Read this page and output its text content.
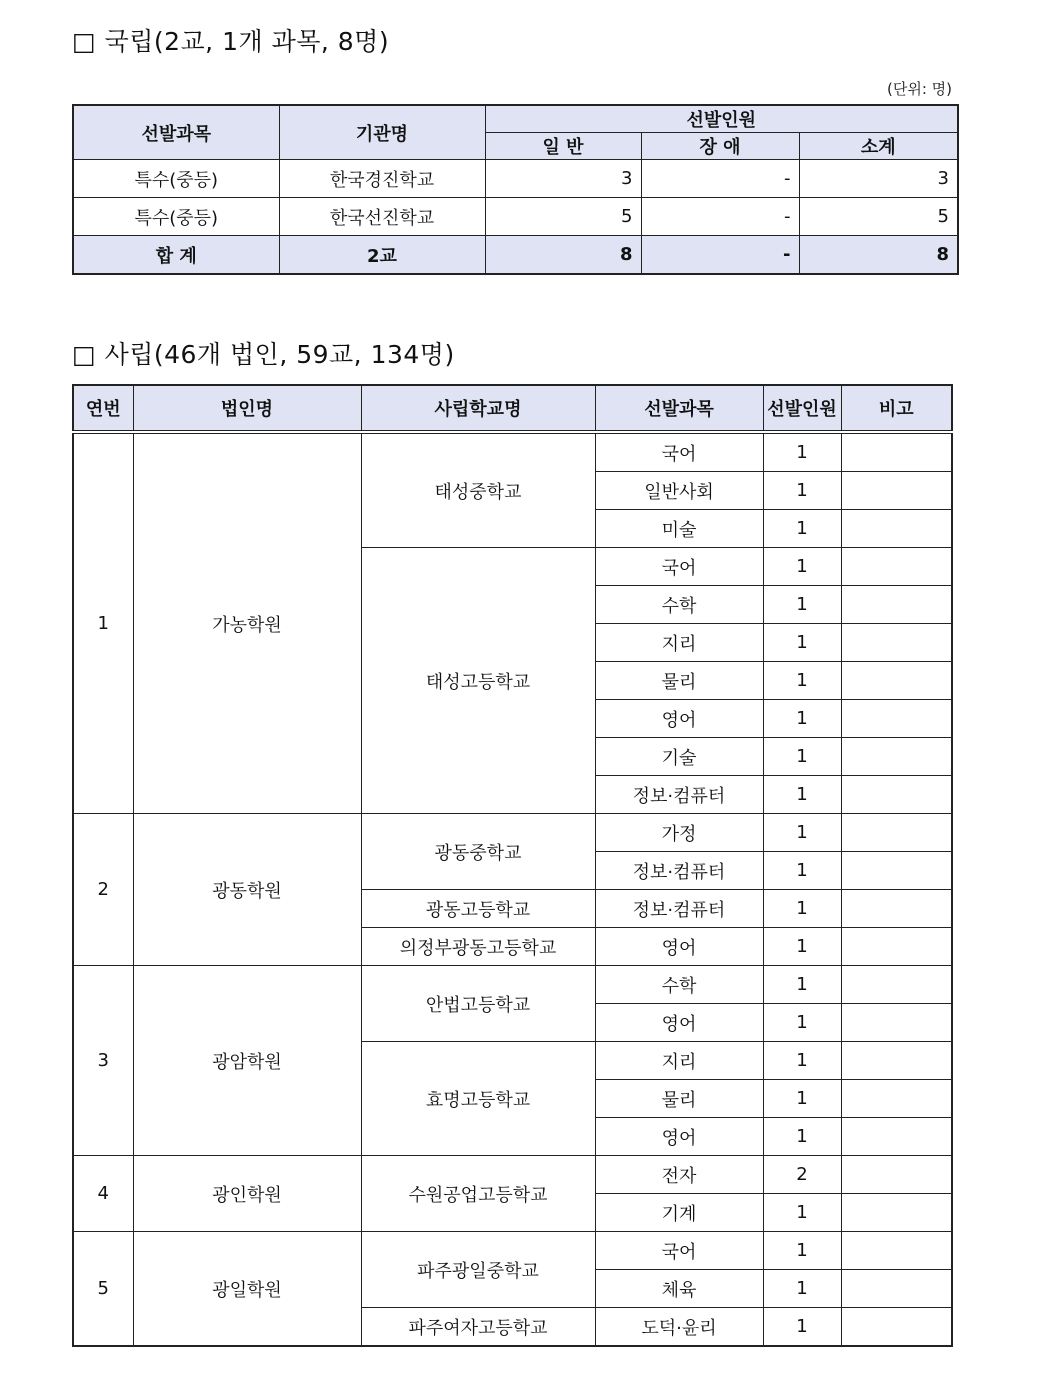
□ 국립(2교, 1개 과목, 8명)
(단위: 명)
선발과목	기관명	선발인원		
		일 반	장 애	소계
특수(중등)	한국경진학교	3	-	3
특수(중등)	한국선진학교	5	-	5
합 계	2교	8	-	8
□ 사립(46개 법인, 59교, 134명)
연번	법인명	사립학교명	선발과목	선발인원	비고
1	가농학원	태성중학교	국어	1	
			일반사회	1	
			미술	1	
		태성고등학교	국어	1	
			수학	1	
			지리	1	
			물리	1	
			영어	1	
			기술	1	
			정보·컴퓨터	1	
2	광동학원	광동중학교	가정	1	
			정보·컴퓨터	1	
		광동고등학교	정보·컴퓨터	1	
		의정부광동고등학교	영어	1	
3	광암학원	안법고등학교	수학	1	
			영어	1	
		효명고등학교	지리	1	
			물리	1	
			영어	1	
4	광인학원	수원공업고등학교	전자	2	
			기계	1	
5	광일학원	파주광일중학교	국어	1	
			체육	1	
		파주여자고등학교	도덕·윤리	1	
